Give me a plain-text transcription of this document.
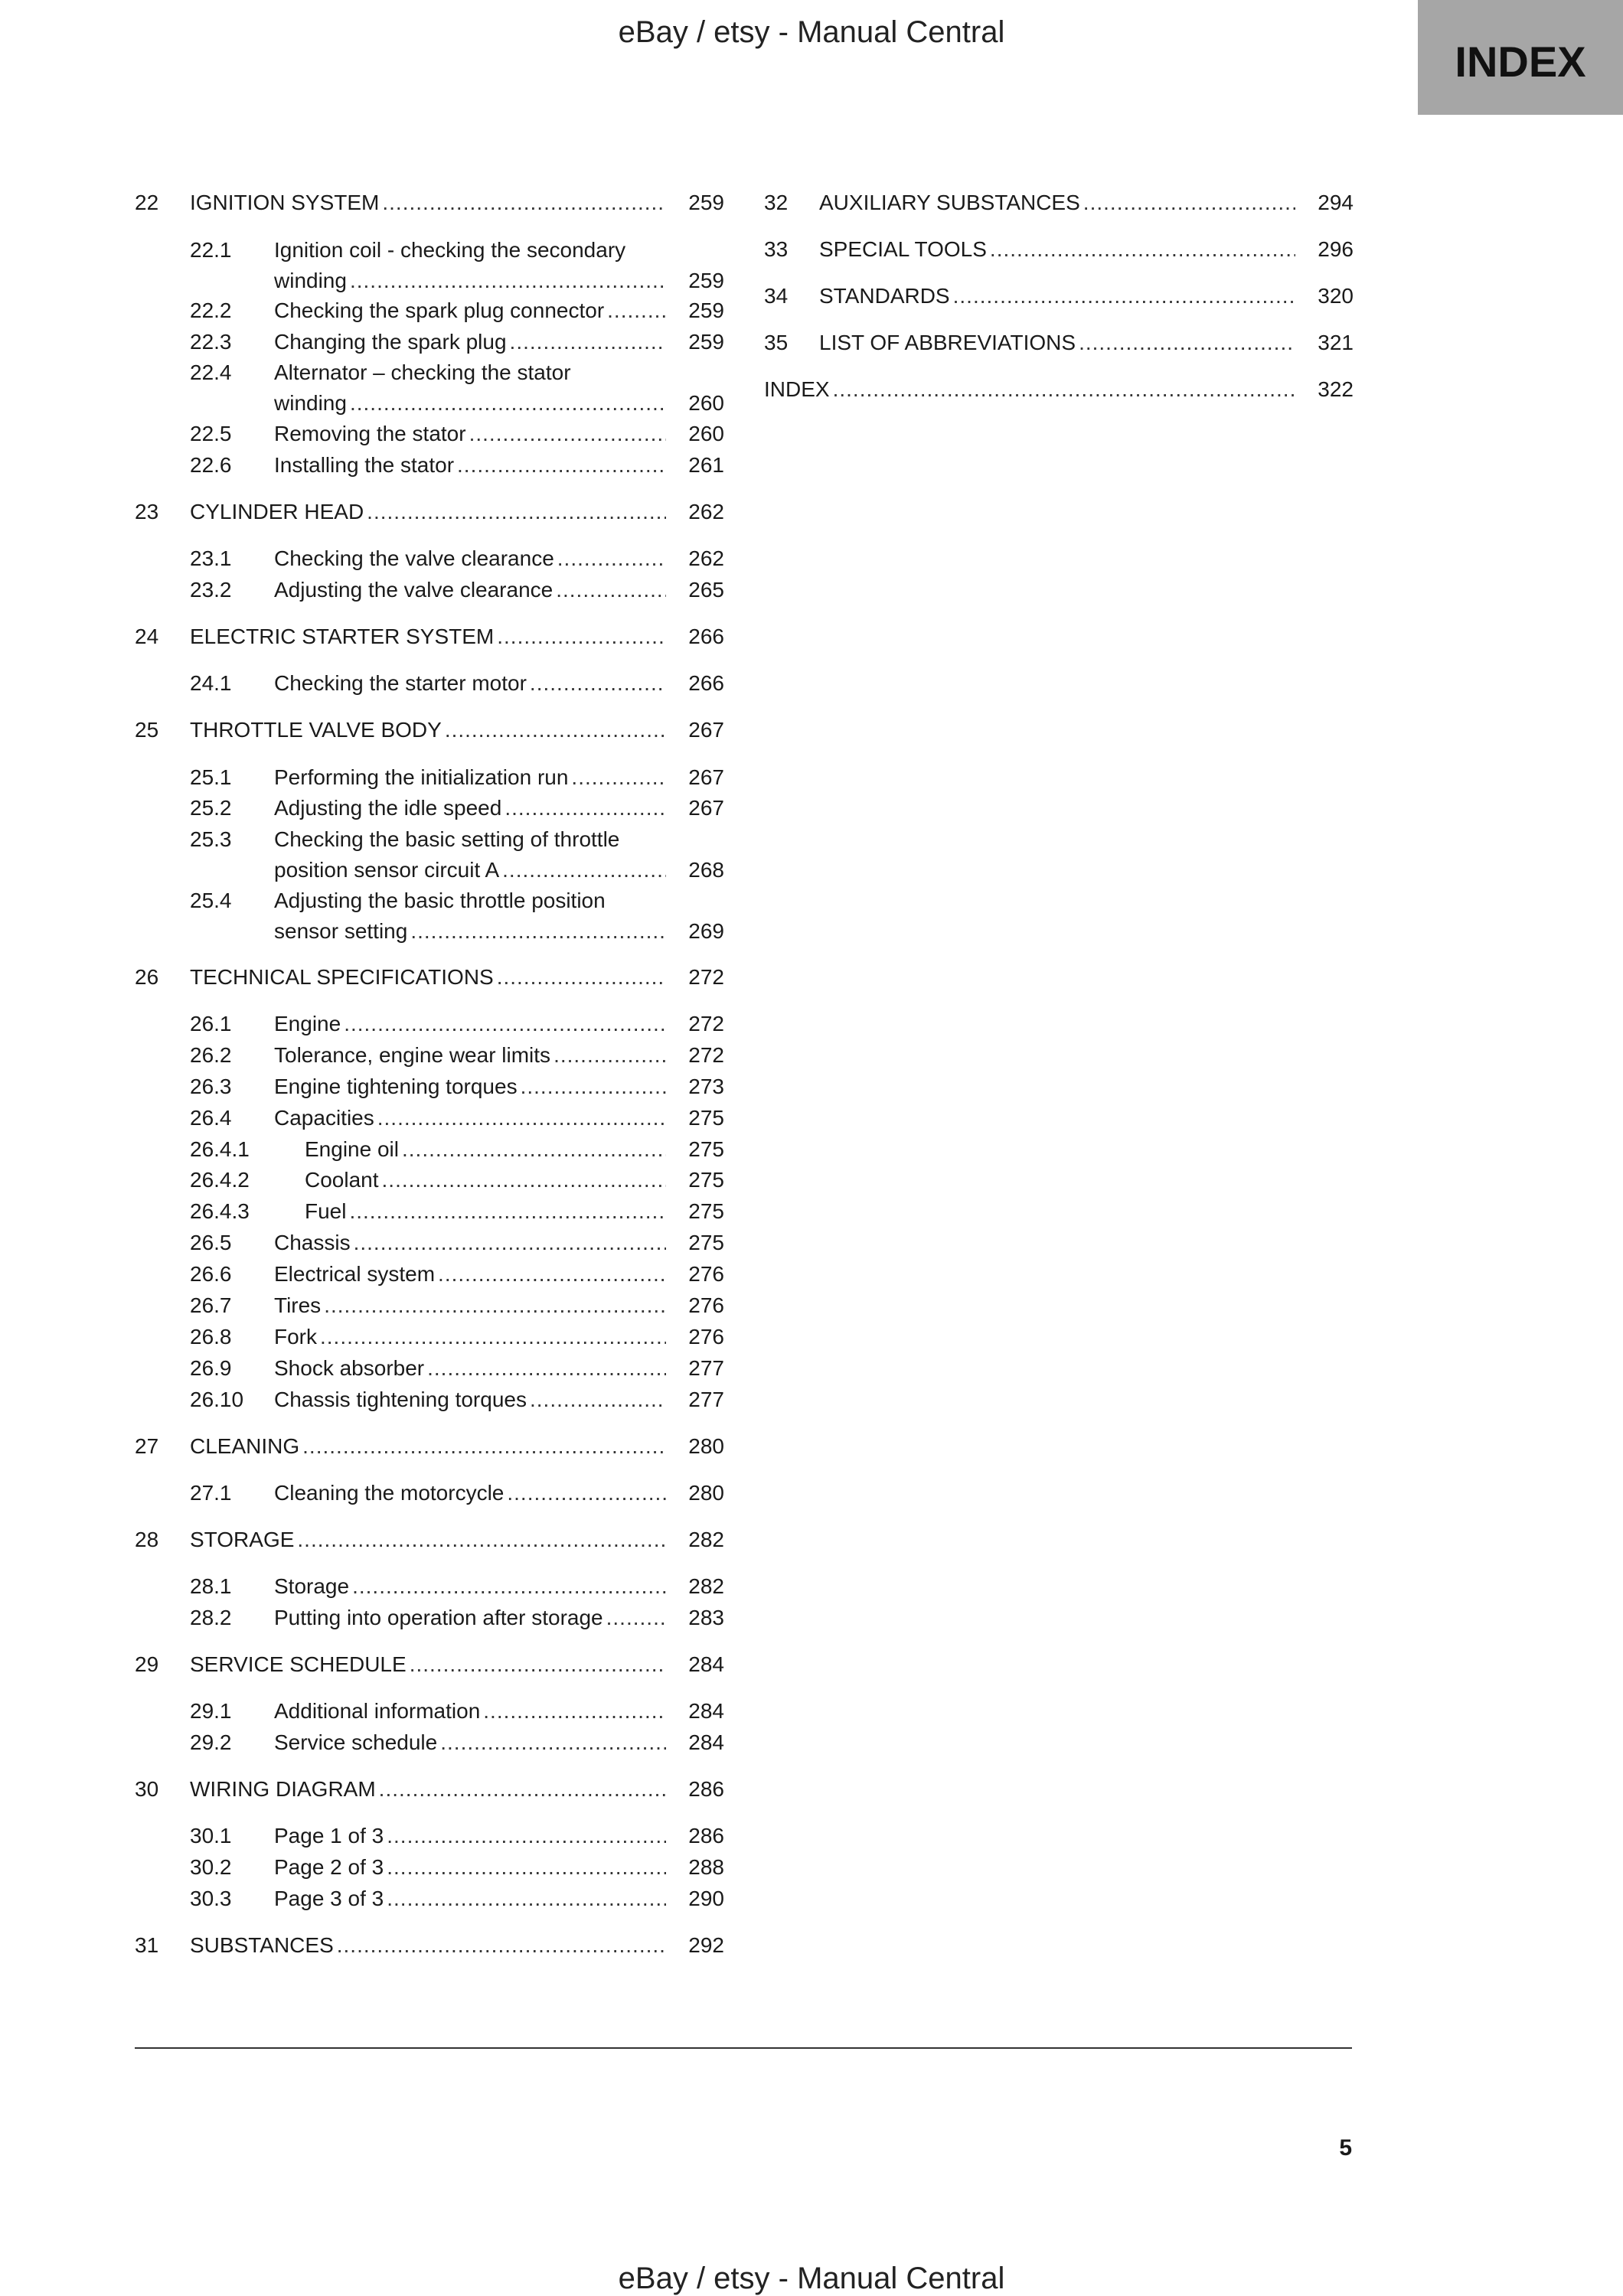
eBay / etsy - Manual Central
INDEX
22	IGNITION SYSTEM .....	259
22.1	Ignition coil - checking the secondary
winding .....	259
22.2	Checking the spark plug connector .....	259
22.3	Changing the spark plug .....	259
22.4	Alternator – checking the stator
winding .....	260
22.5	Removing the stator .....	260
22.6	Installing the stator .....	261
23	CYLINDER HEAD .....	262
23.1	Checking the valve clearance .....	262
23.2	Adjusting the valve clearance .....	265
24	ELECTRIC STARTER SYSTEM .....	266
24.1	Checking the starter motor .....	266
25	THROTTLE VALVE BODY .....	267
25.1	Performing the initialization run .....	267
25.2	Adjusting the idle speed .....	267
25.3	Checking the basic setting of throttle
position sensor circuit A .....	268
25.4	Adjusting the basic throttle position
sensor setting .....	269
26	TECHNICAL SPECIFICATIONS .....	272
26.1	Engine .....	272
26.2	Tolerance, engine wear limits .....	272
26.3	Engine tightening torques .....	273
26.4	Capacities .....	275
26.4.1	Engine oil .....	275
26.4.2	Coolant .....	275
26.4.3	Fuel .....	275
26.5	Chassis .....	275
26.6	Electrical system .....	276
26.7	Tires .....	276
26.8	Fork .....	276
26.9	Shock absorber .....	277
26.10	Chassis tightening torques .....	277
27	CLEANING .....	280
27.1	Cleaning the motorcycle .....	280
28	STORAGE .....	282
28.1	Storage .....	282
28.2	Putting into operation after storage .....	283
29	SERVICE SCHEDULE .....	284
29.1	Additional information .....	284
29.2	Service schedule .....	284
30	WIRING DIAGRAM .....	286
30.1	Page 1 of 3 .....	286
30.2	Page 2 of 3 .....	288
30.3	Page 3 of 3 .....	290
31	SUBSTANCES .....	292
32	AUXILIARY SUBSTANCES .....	294
33	SPECIAL TOOLS .....	296
34	STANDARDS .....	320
35	LIST OF ABBREVIATIONS .....	321
INDEX .....	322
5
eBay / etsy - Manual Central
